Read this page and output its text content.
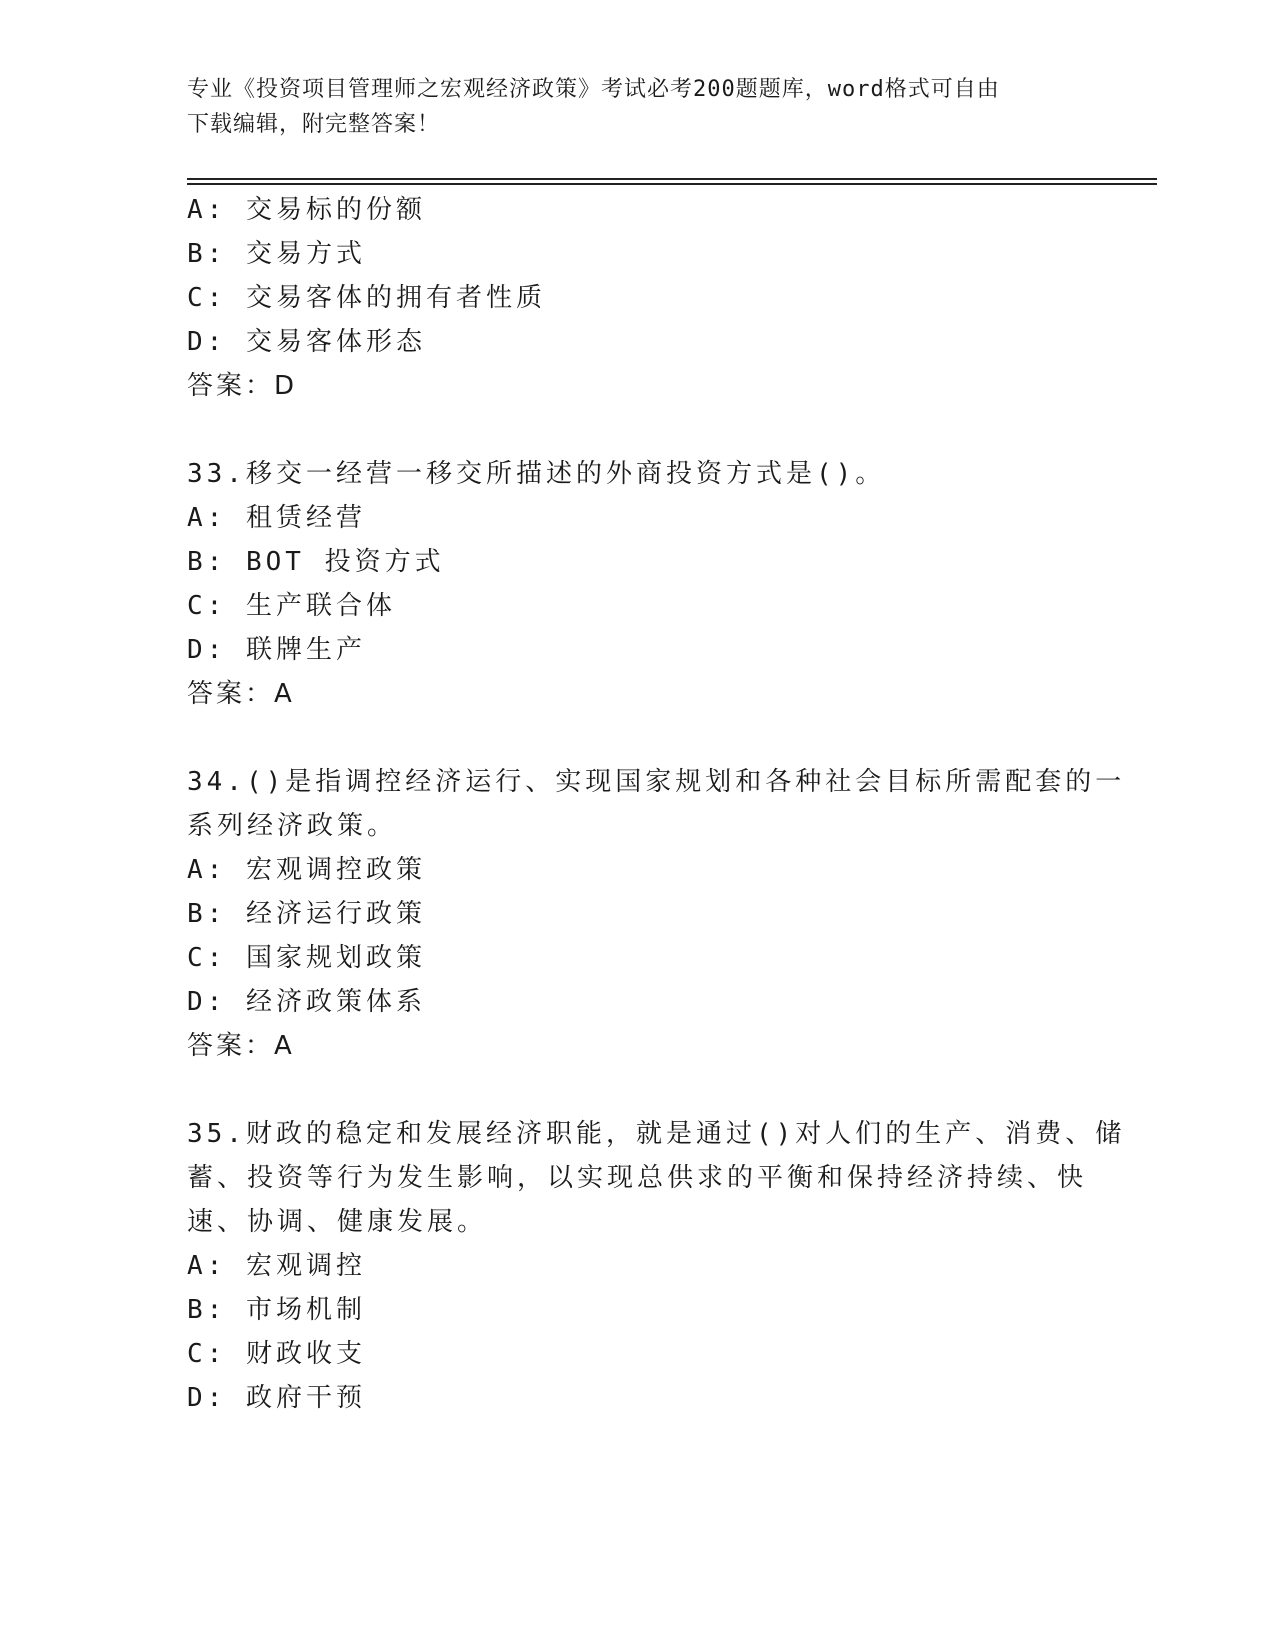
专业《投资项目管理师之宏观经济政策》考试必考200题题库，word格式可自由
下载编辑，附完整答案！
A: 交易标的份额
B: 交易方式
C: 交易客体的拥有者性质
D: 交易客体形态
答案：D
33.移交一经营一移交所描述的外商投资方式是()。
A: 租赁经营
B: BOT 投资方式
C: 生产联合体
D: 联牌生产
答案：A
34.()是指调控经济运行、实现国家规划和各种社会目标所需配套的一
系列经济政策。
A: 宏观调控政策
B: 经济运行政策
C: 国家规划政策
D: 经济政策体系
答案：A
35.财政的稳定和发展经济职能，就是通过()对人们的生产、消费、储
蓄、投资等行为发生影响，以实现总供求的平衡和保持经济持续、快
速、协调、健康发展。
A: 宏观调控
B: 市场机制
C: 财政收支
D: 政府干预
